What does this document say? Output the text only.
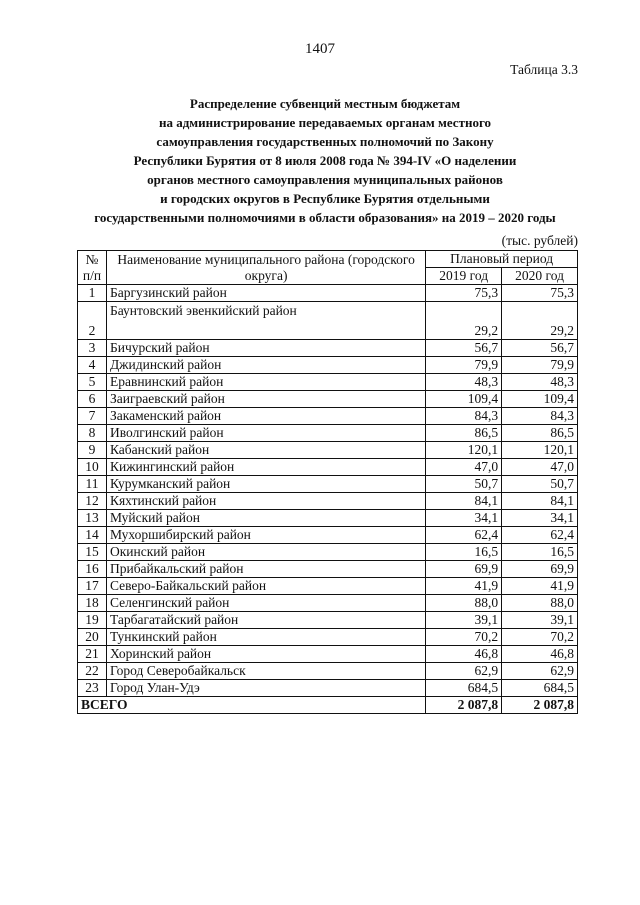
1407
Таблица 3.3
Распределение субвенций местным бюджетам
на администрирование передаваемых органам местного
самоуправления государственных полномочий по Закону
Республики Бурятия от 8 июля 2008 года № 394-IV «О наделении
органов местного самоуправления муниципальных районов
и городских округов в Республике Бурятия отдельными
государственными полномочиями в области образования» на 2019 – 2020 годы
(тыс. рублей)
№ п/п	Наименование муниципального района (городского округа)	Плановый период	
		2019 год	2020 год
1	Баргузинский район	75,3	75,3
2	Баунтовский эвенкийский район	29,2	29,2
3	Бичурский район	56,7	56,7
4	Джидинский район	79,9	79,9
5	Еравнинский район	48,3	48,3
6	Заиграевский район	109,4	109,4
7	Закаменский район	84,3	84,3
8	Иволгинский район	86,5	86,5
9	Кабанский район	120,1	120,1
10	Кижингинский район	47,0	47,0
11	Курумканский район	50,7	50,7
12	Кяхтинский район	84,1	84,1
13	Муйский район	34,1	34,1
14	Мухоршибирский район	62,4	62,4
15	Окинский район	16,5	16,5
16	Прибайкальский район	69,9	69,9
17	Северо-Байкальский район	41,9	41,9
18	Селенгинский район	88,0	88,0
19	Тарбагатайский район	39,1	39,1
20	Тункинский район	70,2	70,2
21	Хоринский район	46,8	46,8
22	Город Северобайкальск	62,9	62,9
23	Город Улан-Удэ	684,5	684,5
ВСЕГО		2 087,8	2 087,8
